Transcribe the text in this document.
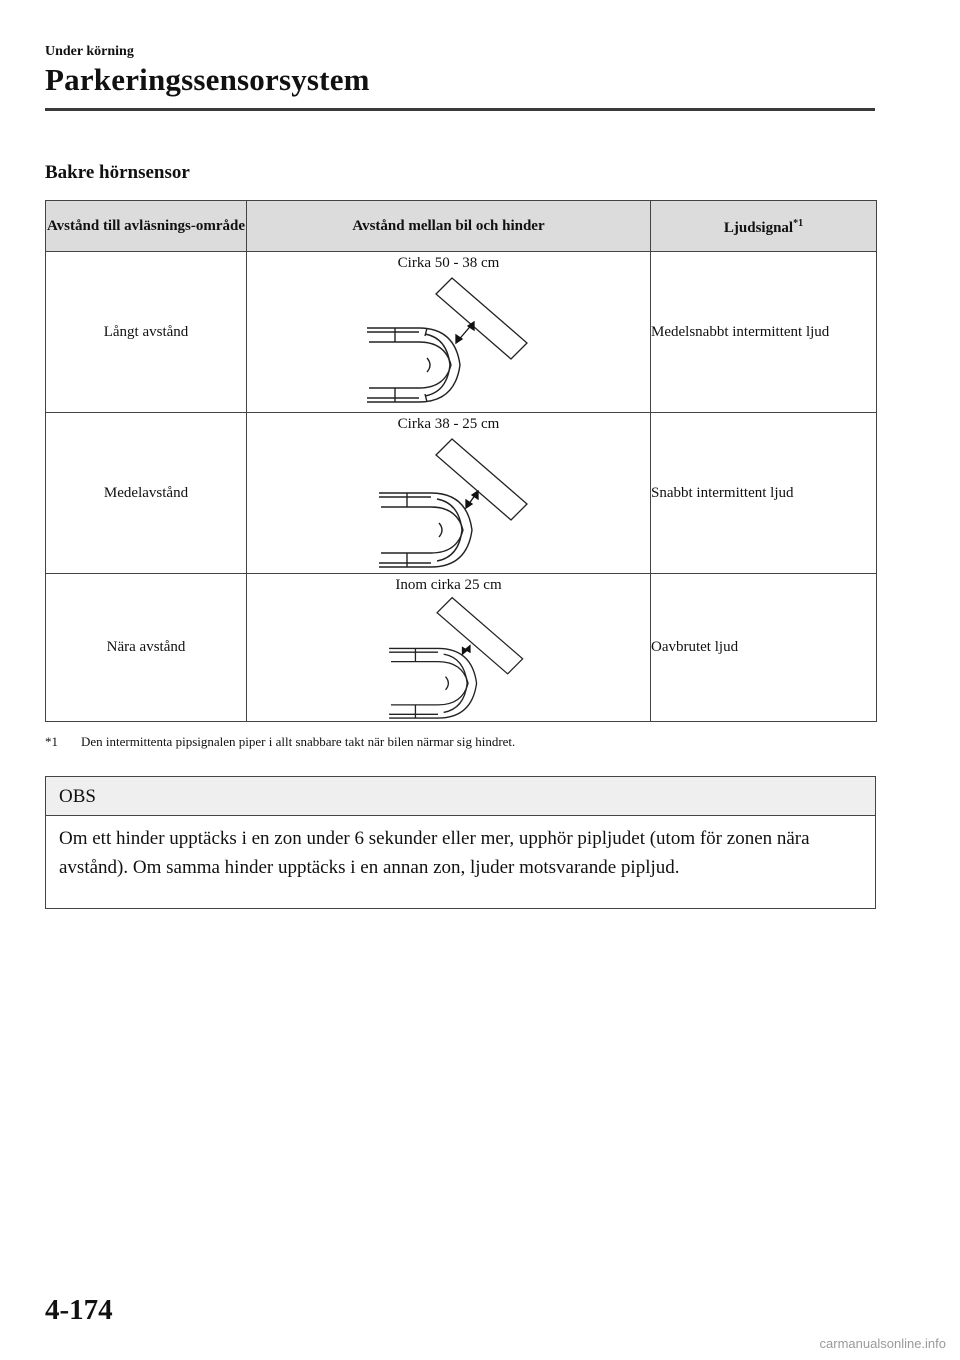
Under körning
Parkeringssensorsystem
Bakre hörnsensor
Avstånd till avläsnings-område	Avstånd mellan bil och hinder	Ljudsignal$^{*1}$
Långt avstånd	Cirka 50 - 38 cm	Medelsnabbt intermittent ljud
Medelavstånd	Cirka 38 - 25 cm	Snabbt intermittent ljud
Nära avstånd	Inom cirka 25 cm	Oavbrutet ljud
*1 Den intermittenta pipsignalen piper i allt snabbare takt när bilen närmar sig hindret.
OBS
Om ett hinder upptäcks i en zon under 6 sekunder eller mer, upphör pipljudet (utom för zonen nära avstånd). Om samma hinder upptäcks i en annan zon, ljuder motsvarande pipljud.
4-174
carmanualsonline.info
